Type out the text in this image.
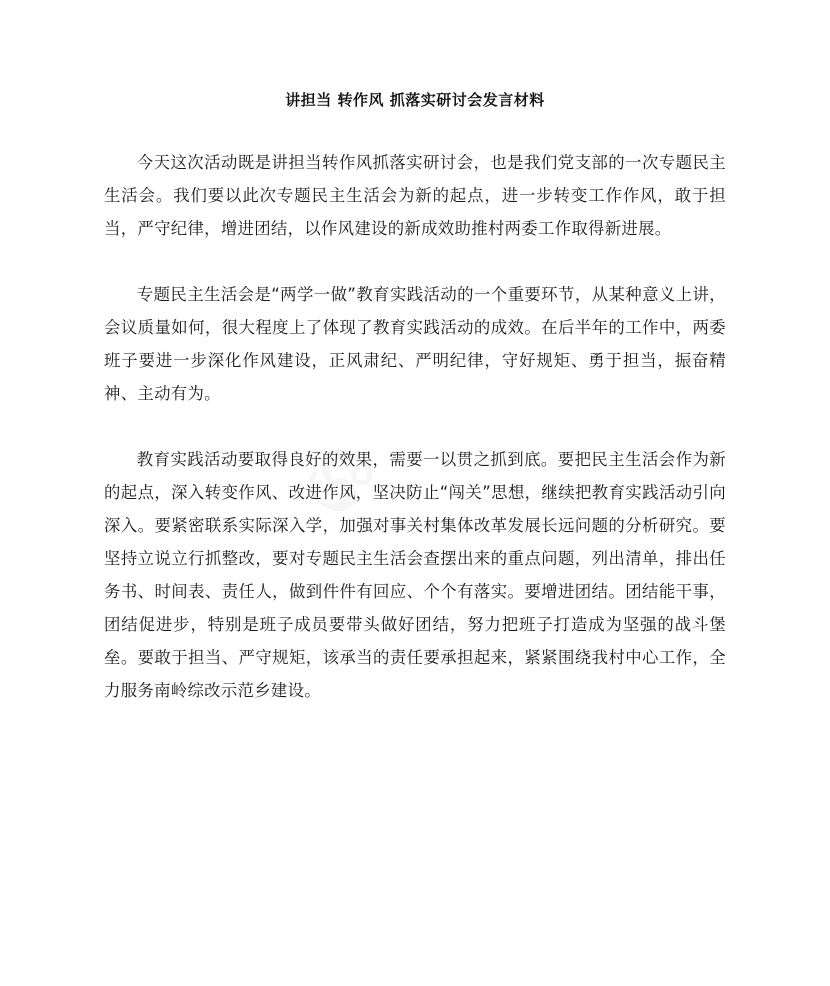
讲担当 转作风 抓落实研讨会发言材料

今天这次活动既是讲担当转作风抓落实研讨会，也是我们党支部的一次专题民主生活会。我们要以此次专题民主生活会为新的起点，进一步转变工作作风，敢于担当，严守纪律，增进团结，以作风建设的新成效助推村两委工作取得新进展。

专题民主生活会是“两学一做”教育实践活动的一个重要环节，从某种意义上讲，会议质量如何，很大程度上了体现了教育实践活动的成效。在后半年的工作中，两委班子要进一步深化作风建设，正风肃纪、严明纪律，守好规矩、勇于担当，振奋精神、主动有为。

教育实践活动要取得良好的效果，需要一以贯之抓到底。要把民主生活会作为新的起点，深入转变作风、改进作风，坚决防止“闯关”思想，继续把教育实践活动引向深入。要紧密联系实际深入学，加强对事关村集体改革发展长远问题的分析研究。要坚持立说立行抓整改，要对专题民主生活会查摆出来的重点问题，列出清单，排出任务书、时间表、责任人，做到件件有回应、个个有落实。要增进团结。团结能干事，团结促进步，特别是班子成员要带头做好团结，努力把班子打造成为坚强的战斗堡垒。要敢于担当、严守规矩，该承当的责任要承担起来，紧紧围绕我村中心工作，全力服务南岭综改示范乡建设。
